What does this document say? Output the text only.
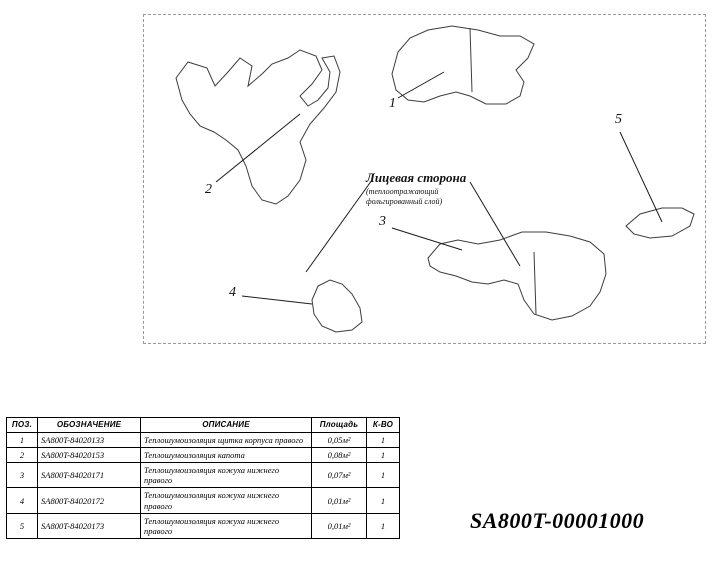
Лицевая сторона
(теплоотражающий
фольгированный слой)
1
2
3
4
5
ПОЗ.	ОБОЗНАЧЕНИЕ	ОПИСАНИЕ	Площадь	К-ВО
1	SA800T-84020133	Теплошумоизоляция щитка корпуса правого	0,05м²	1
2	SA800T-84020153	Теплошумоизоляция капота	0,08м²	1
3	SA800T-84020171	Теплошумоизоляция кожуха нижнего правого	0,07м²	1
4	SA800T-84020172	Теплошумоизоляция кожуха нижнего правого	0,01м²	1
5	SA800T-84020173	Теплошумоизоляция кожуха нижнего правого	0,01м²	1	SA800T-00001000
